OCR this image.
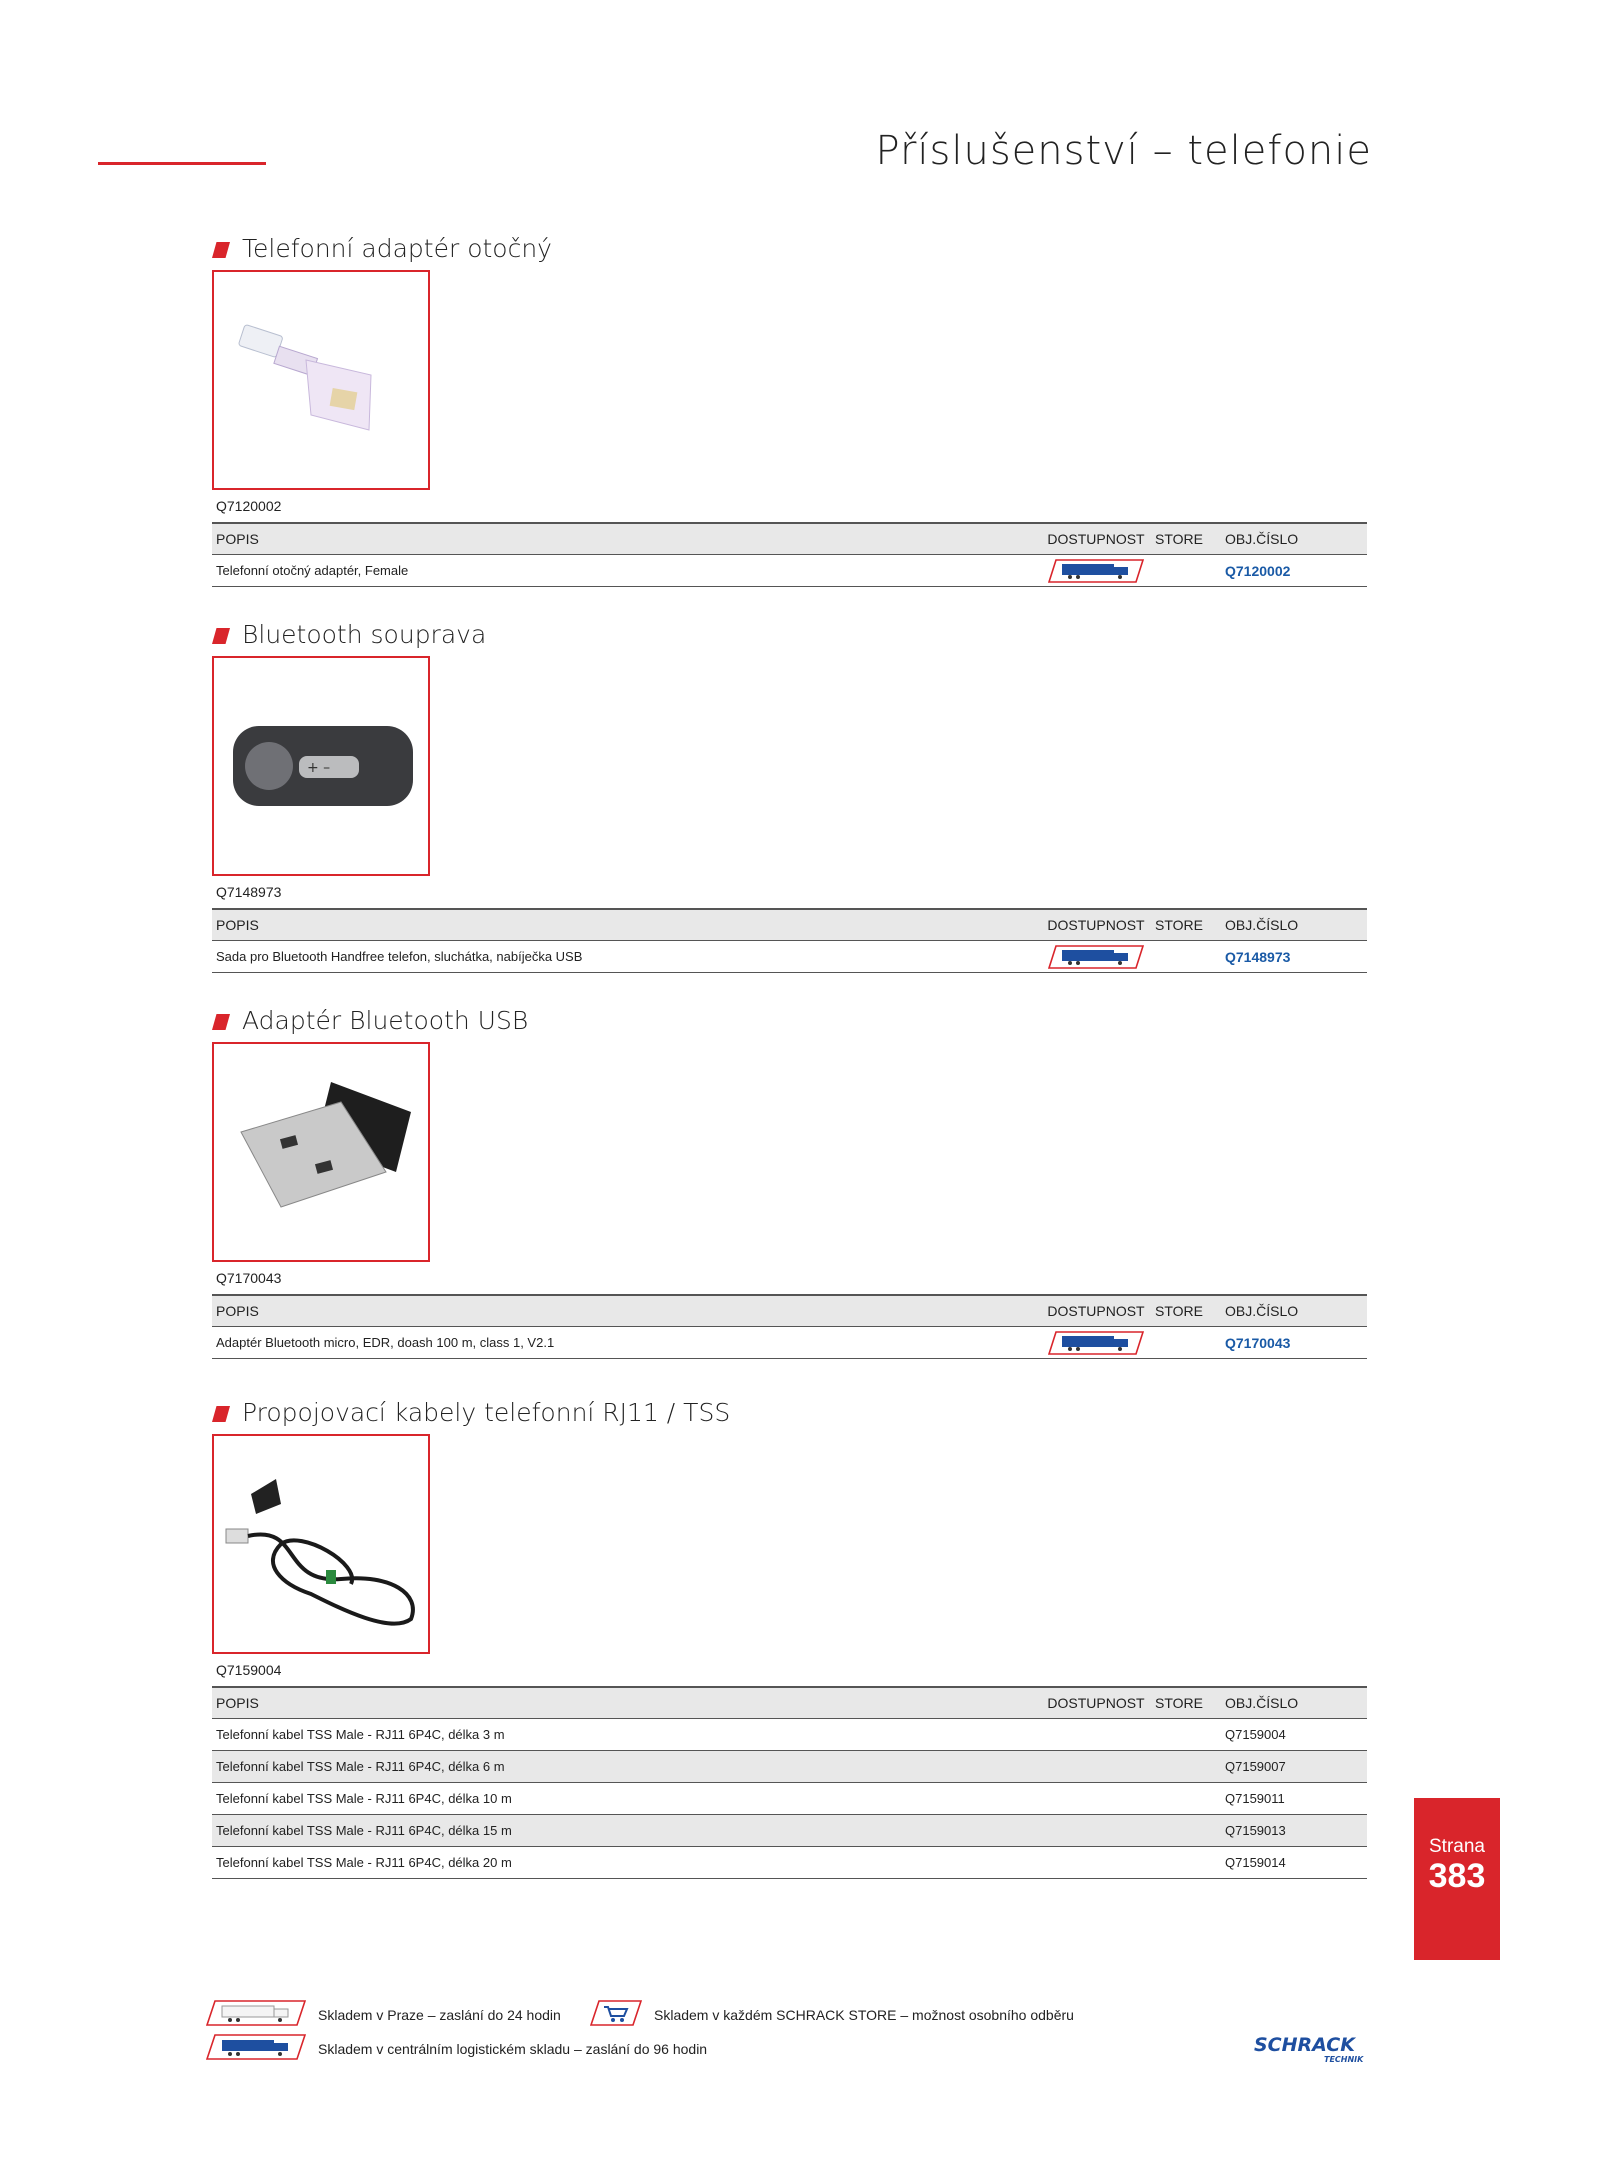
Příslušenství – telefonie
Telefonní adaptér otočný
Q7120002
POPIS	DOSTUPNOST STORE	OBJ.ČÍSLO
Telefonní otočný adaptér, Female	Q7120002
Bluetooth souprava
+ –
Q7148973
POPIS	DOSTUPNOST STORE	OBJ.ČÍSLO
Sada pro Bluetooth Handfree telefon, sluchátka, nabíječka USB	Q7148973
Adaptér Bluetooth USB
Q7170043
POPIS	DOSTUPNOST STORE	OBJ.ČÍSLO
Adaptér Bluetooth micro, EDR, doash 100 m, class 1, V2.1	Q7170043
Propojovací kabely telefonní RJ11 / TSS
Q7159004
POPIS	DOSTUPNOST STORE	OBJ.ČÍSLO
Telefonní kabel TSS Male - RJ11 6P4C, délka 3 m	Q7159004
Telefonní kabel TSS Male - RJ11 6P4C, délka 6 m	Q7159007
Telefonní kabel TSS Male - RJ11 6P4C, délka 10 m	Q7159011
Telefonní kabel TSS Male - RJ11 6P4C, délka 15 m	Q7159013
Telefonní kabel TSS Male - RJ11 6P4C, délka 20 m	Q7159014
Strana
383
Skladem v Praze – zaslání do 24 hodin	Skladem v každém SCHRACK STORE – možnost osobního odběru
Skladem v centrálním logistickém skladu – zaslání do 96 hodin	SCHRACK
TECHNIK
